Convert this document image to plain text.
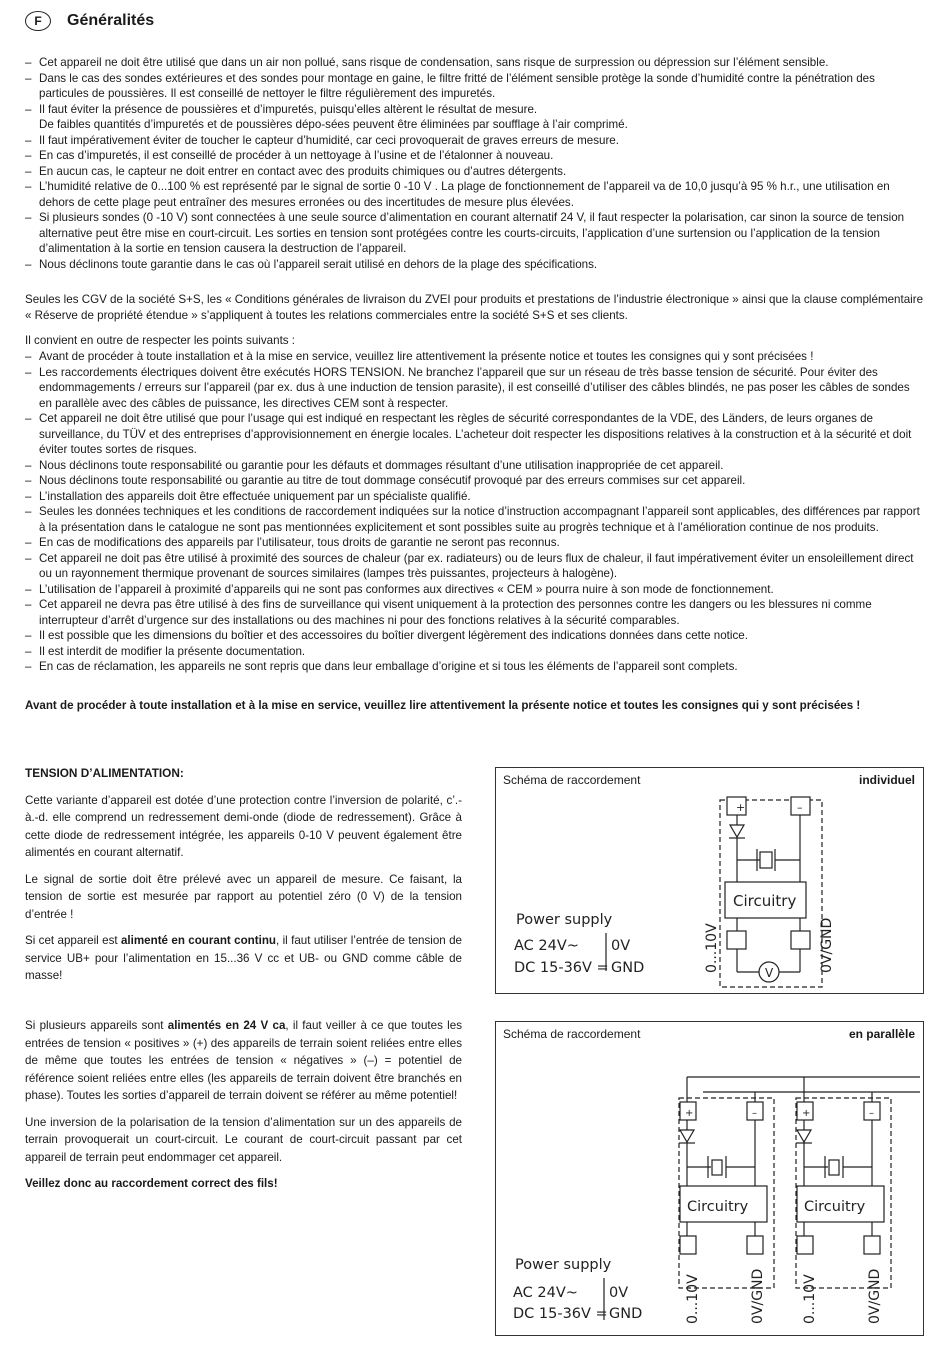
F	Généralités
– Cet appareil ne doit être utilisé que dans un air non pollué, sans risque de condensation, sans risque de surpression ou dépression sur l’élément sensible.
– Dans le cas des sondes extérieures et des sondes pour montage en gaine, le filtre fritté de l’élément sensible protège la sonde d’humidité contre la pénétration des particules de poussières. Il est conseillé de nettoyer le filtre régulièrement des impuretés.
– Il faut éviter la présence de poussières et d’impuretés, puisqu’elles altèrent le résultat de mesure.
De faibles quantités d’impuretés et de poussières dépo-sées peuvent être éliminées par soufflage à l’air comprimé.
– Il faut impérativement éviter de toucher le capteur d’humidité, car ceci provoquerait de graves erreurs de mesure.
– En cas d’impuretés, il est conseillé de procéder à un nettoyage à l’usine et de l’étalonner à nouveau.
– En aucun cas, le capteur ne doit entrer en contact avec des produits chimiques ou d’autres détergents.
– L’humidité relative de 0...100 % est représenté par le signal de sortie 0 -10 V . La plage de fonctionnement de l’appareil va de 10,0 jusqu’à 95 % h.r., une utilisation en dehors de cette plage peut entraîner des mesures erronées ou des incertitudes de mesure plus élevées.
– Si plusieurs sondes (0 -10 V) sont connectées à une seule source d’alimentation en courant alternatif 24 V, il faut respecter la polarisation, car sinon la source de tension alternative peut être mise en court-circuit. Les sorties en tension sont protégées contre les courts-circuits, l’application d’une surtension ou l’application de la tension d’alimentation à la sortie en tension causera la destruction de l’appareil.
– Nous déclinons toute garantie dans le cas où l’appareil serait utilisé en dehors de la plage des spécifications.

Seules les CGV de la société S+S, les « Conditions générales de livraison du ZVEI pour produits et prestations de l’industrie électronique » ainsi que la clause complémentaire « Réserve de propriété étendue » s’appliquent à toutes les relations commerciales entre la société S+S et ses clients.

Il convient en outre de respecter les points suivants :

– Avant de procéder à toute installation et à la mise en service, veuillez lire attentivement la présente notice et toutes les consignes qui y sont précisées !
– Les raccordements électriques doivent être exécutés HORS TENSION. Ne branchez l’appareil que sur un réseau de très basse tension de sécurité. Pour éviter des endommagements / erreurs sur l’appareil (par ex. dus à une induction de tension parasite), il est conseillé d’utiliser des câbles blindés, ne pas poser les câbles de sondes en parallèle avec des câbles de puissance, les directives CEM sont à respecter.
– Cet appareil ne doit être utilisé que pour l’usage qui est indiqué en respectant les règles de sécurité correspondantes de la VDE, des Länders, de leurs organes de surveillance, du TÜV et des entreprises d’approvisionnement en énergie locales. L’acheteur doit respecter les dispositions relatives à la construction et à la sécurité et doit éviter toutes sortes de risques.
– Nous déclinons toute responsabilité ou garantie pour les défauts et dommages résultant d’une utilisation inappropriée de cet appareil.
– Nous déclinons toute responsabilité ou garantie au titre de tout dommage consécutif provoqué par des erreurs commises sur cet appareil.
– L’installation des appareils doit être effectuée uniquement par un spécialiste qualifié.
– Seules les données techniques et les conditions de raccordement indiquées sur la notice d’instruction accompagnant l’appareil sont applicables, des différences par rapport à la présentation dans le catalogue ne sont pas mentionnées explicitement et sont possibles suite au progrès technique et à l’amélioration continue de nos produits.
– En cas de modifications des appareils par l’utilisateur, tous droits de garantie ne seront pas reconnus.
– Cet appareil ne doit pas être utilisé à proximité des sources de chaleur (par ex. radiateurs) ou de leurs flux de chaleur, il faut impérativement éviter un ensoleillement direct ou un rayonnement thermique provenant de sources similaires (lampes très puissantes, projecteurs à halogène).
– L’utilisation de l’appareil à proximité d’appareils qui ne sont pas conformes aux directives « CEM » pourra nuire à son mode de fonctionnement.
– Cet appareil ne devra pas être utilisé à des fins de surveillance qui visent uniquement à la protection des personnes contre les dangers ou les blessures ni comme interrupteur d’arrêt d’urgence sur des installations ou des machines ni pour des fonctions relatives à la sécurité comparables.
– Il est possible que les dimensions du boîtier et des accessoires du boîtier divergent légèrement des indications données dans cette notice.
– Il est interdit de modifier la présente documentation.
– En cas de réclamation, les appareils ne sont repris que dans leur emballage d’origine et si tous les éléments de l’appareil sont complets.

Avant de procéder à toute installation et à la mise en service, veuillez lire attentivement la présente notice et toutes les consignes qui y sont précisées !

TENSION D’ALIMENTATION:

Cette variante d’appareil est dotée d’une protection contre l’inversion de polarité, c’.-à.-d. elle comprend un redressement demi-onde (diode de redressement). Grâce à cette diode de redressement intégrée, les appareils 0-10 V peuvent également être alimentés en courant alternatif.

Le signal de sortie doit être prélevé avec un appareil de mesure. Ce faisant, la tension de sortie est mesurée par rapport au potentiel zéro (0 V) de la tension d’entrée !

Si cet appareil est alimenté en courant continu, il faut utiliser l’entrée de tension de service UB+ pour l’alimentation en 15...36 V cc et UB- ou GND comme câble de masse!

Si plusieurs appareils sont alimentés en 24 V ca, il faut veiller à ce que toutes les entrées de tension « positives » (+) des appareils de terrain soient reliées entre elles de même que toutes les entrées de tension « négatives » (–) = potentiel de référence soient reliées entre elles (les appareils de terrain doivent être branchés en phase). Toutes les sorties d’appareil de terrain doivent se référer au même potentiel!

Une inversion de la polarisation de la tension d’alimentation sur un des appareils de terrain provoquerait un court-circuit. Le courant de court-circuit passant par cet appareil de terrain peut endommager cet appareil.

Veillez donc au raccordement correct des fils!

Schéma de raccordement	individuel
+	–
Circuitry
Power supply
AC 24V~
DC 15-36V =
0V
GND	0...10V	0V/GND
V
Schéma de raccordement	en parallèle
+	–	+	–
Circuitry	Circuitry
Power supply
AC 24V~
DC 15-36V =
0V
GND	0...10V	0V/GND	0...10V	0V/GND
